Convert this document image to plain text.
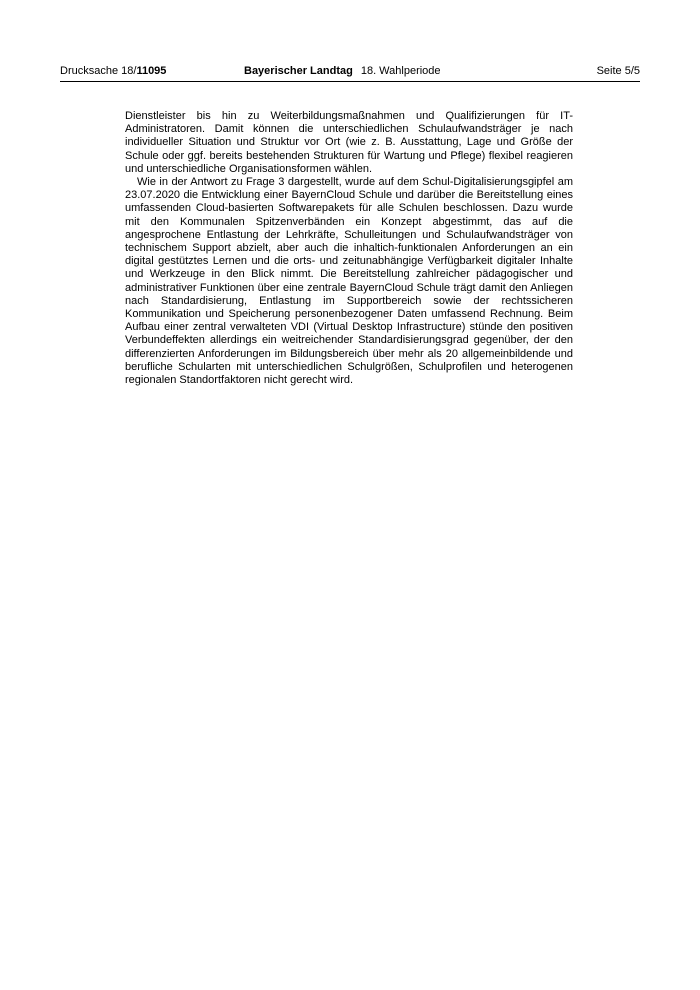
Drucksache 18/11095	Bayerischer Landtag 18. Wahlperiode	Seite 5/5

Dienstleister bis hin zu Weiterbildungsmaßnahmen und Qualifizierungen für IT-Administratoren. Damit können die unterschiedlichen Schulaufwandsträger je nach individueller Situation und Struktur vor Ort (wie z. B. Ausstattung, Lage und Größe der Schule oder ggf. bereits bestehenden Strukturen für Wartung und Pflege) flexibel reagieren und unterschiedliche Organisationsformen wählen.

Wie in der Antwort zu Frage 3 dargestellt, wurde auf dem Schul-Digitalisierungsgipfel am 23.07.2020 die Entwicklung einer BayernCloud Schule und darüber die Bereitstellung eines umfassenden Cloud-basierten Softwarepakets für alle Schulen beschlossen. Dazu wurde mit den Kommunalen Spitzenverbänden ein Konzept abgestimmt, das auf die angesprochene Entlastung der Lehrkräfte, Schulleitungen und Schulaufwandsträger von technischem Support abzielt, aber auch die inhaltich-funktionalen Anforderungen an ein digital gestütztes Lernen und die orts- und zeitunabhängige Verfügbarkeit digitaler Inhalte und Werkzeuge in den Blick nimmt. Die Bereitstellung zahlreicher pädagogischer und administrativer Funktionen über eine zentrale BayernCloud Schule trägt damit den Anliegen nach Standardisierung, Entlastung im Supportbereich sowie der rechtssicheren Kommunikation und Speicherung personenbezogener Daten umfassend Rechnung. Beim Aufbau einer zentral verwalteten VDI (Virtual Desktop Infrastructure) stünde den positiven Verbundeffekten allerdings ein weitreichender Standardisierungsgrad gegenüber, der den differenzierten Anforderungen im Bildungsbereich über mehr als 20 allgemeinbildende und berufliche Schularten mit unterschiedlichen Schulgrößen, Schulprofilen und heterogenen regionalen Standortfaktoren nicht gerecht wird.
